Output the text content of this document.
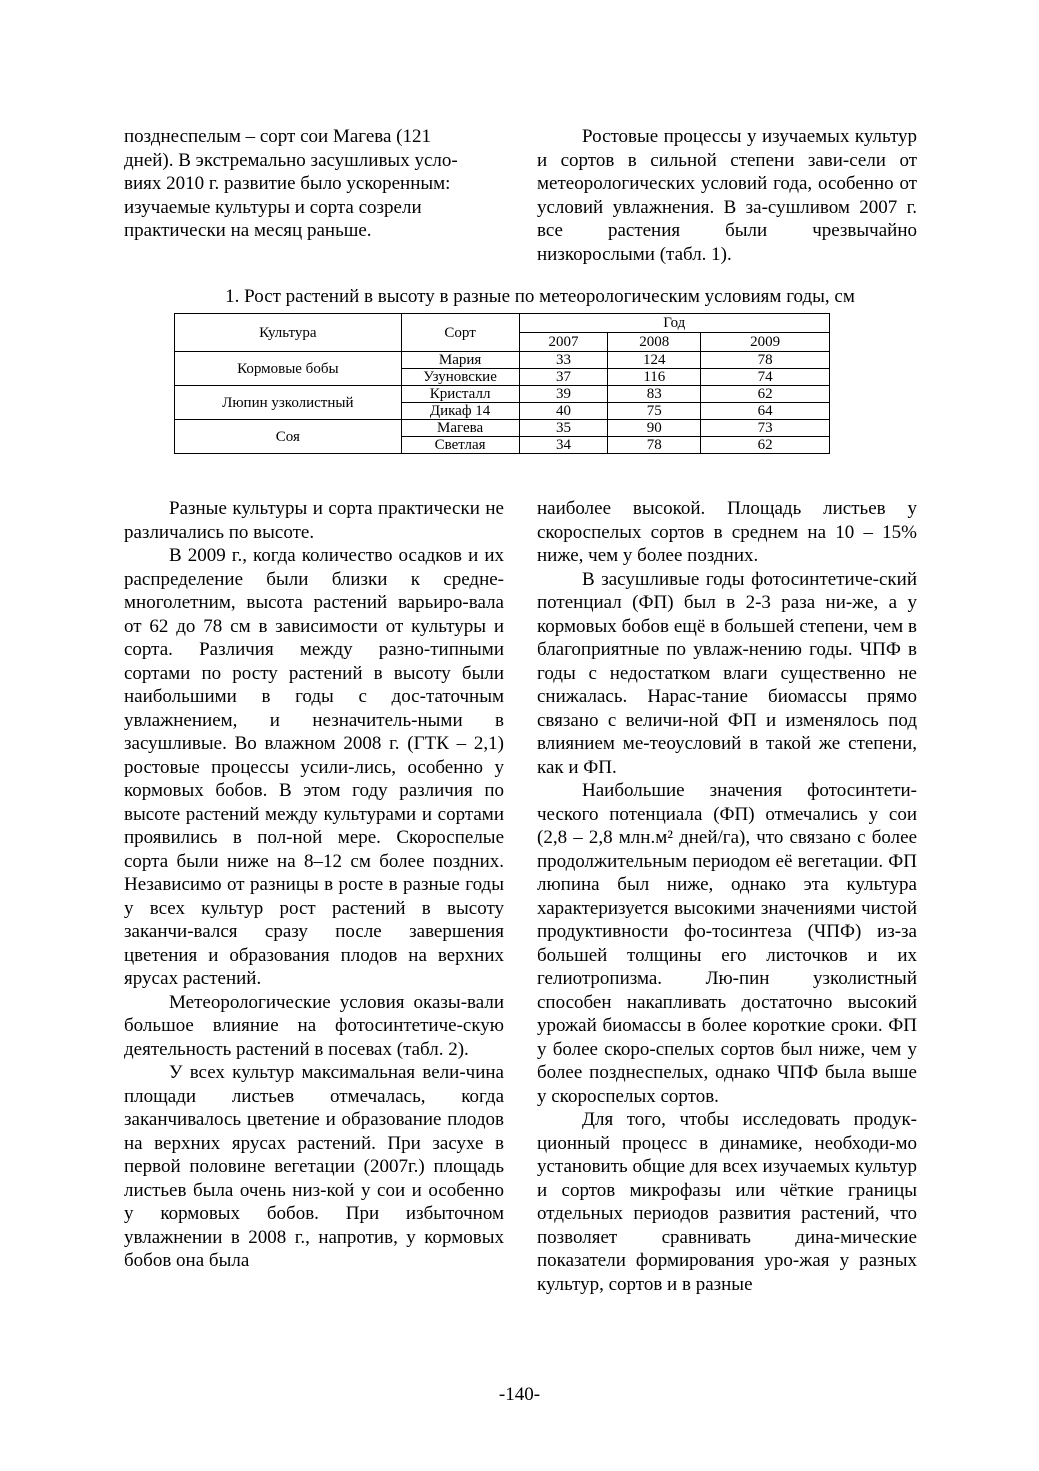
позднеспелым – сорт сои Магева (121

дней). В экстремально засушливых усло-

виях 2010 г. развитие было ускоренным:

изучаемые культуры и сорта созрели

практически на месяц раньше.

Ростовые процессы у изучаемых культур и сортов в сильной степени зави-сели от метеорологических условий года, особенно от условий увлажнения. В за-сушливом 2007 г. все растения были чрезвычайно низкорослыми (табл. 1).

1. Рост растений в высоту в разные по метеорологическим условиям годы, см
Культура	Сорт	Год		
		2007	2008	2009
Кормовые бобы	Мария	33	124	78
	Узуновские	37	116	74
Люпин узколистный	Кристалл	39	83	62
	Дикаф 14	40	75	64
Соя	Магева	35	90	73
	Светлая	34	78	62

Разные культуры и сорта практически не различались по высоте.

В 2009 г., когда количество осадков и их распределение были близки к средне-многолетним, высота растений варьиро-вала от 62 до 78 см в зависимости от культуры и сорта. Различия между разно-типными сортами по росту растений в высоту были наибольшими в годы с дос-таточным увлажнением, и незначитель-ными в засушливые. Во влажном 2008 г. (ГТК – 2,1) ростовые процессы усили-лись, особенно у кормовых бобов. В этом году различия по высоте растений между культурами и сортами проявились в пол-ной мере. Скороспелые сорта были ниже на 8–12 см более поздних. Независимо от разницы в росте в разные годы у всех культур рост растений в высоту заканчи-вался сразу после завершения цветения и образования плодов на верхних ярусах растений.

Метеорологические условия оказы-вали большое влияние на фотосинтетиче-скую деятельность растений в посевах (табл. 2).

У всех культур максимальная вели-чина площади листьев отмечалась, когда заканчивалось цветение и образование плодов на верхних ярусах растений. При засухе в первой половине вегетации (2007г.) площадь листьев была очень низ-кой у сои и особенно у кормовых бобов. При избыточном увлажнении в 2008 г., напротив, у кормовых бобов она была

наиболее высокой. Площадь листьев у скороспелых сортов в среднем на 10 – 15% ниже, чем у более поздних.

В засушливые годы фотосинтетиче-ский потенциал (ФП) был в 2-3 раза ни-же, а у кормовых бобов ещё в большей степени, чем в благоприятные по увлаж-нению годы. ЧПФ в годы с недостатком влаги существенно не снижалась. Нарас-тание биомассы прямо связано с величи-ной ФП и изменялось под влиянием ме-теоусловий в такой же степени, как и ФП.

Наибольшие значения фотосинтети-ческого потенциала (ФП) отмечались у сои (2,8 – 2,8 млн.м² дней/га), что связано с более продолжительным периодом её вегетации. ФП люпина был ниже, однако эта культура характеризуется высокими значениями чистой продуктивности фо-тосинтеза (ЧПФ) из-за большей толщины его листочков и их гелиотропизма. Лю-пин узколистный способен накапливать достаточно высокий урожай биомассы в более короткие сроки. ФП у более скоро-спелых сортов был ниже, чем у более позднеспелых, однако ЧПФ была выше у скороспелых сортов.

Для того, чтобы исследовать продук-ционный процесс в динамике, необходи-мо установить общие для всех изучаемых культур и сортов микрофазы или чёткие границы отдельных периодов развития растений, что позволяет сравнивать дина-мические показатели формирования уро-жая у разных культур, сортов и в разные

-140-
